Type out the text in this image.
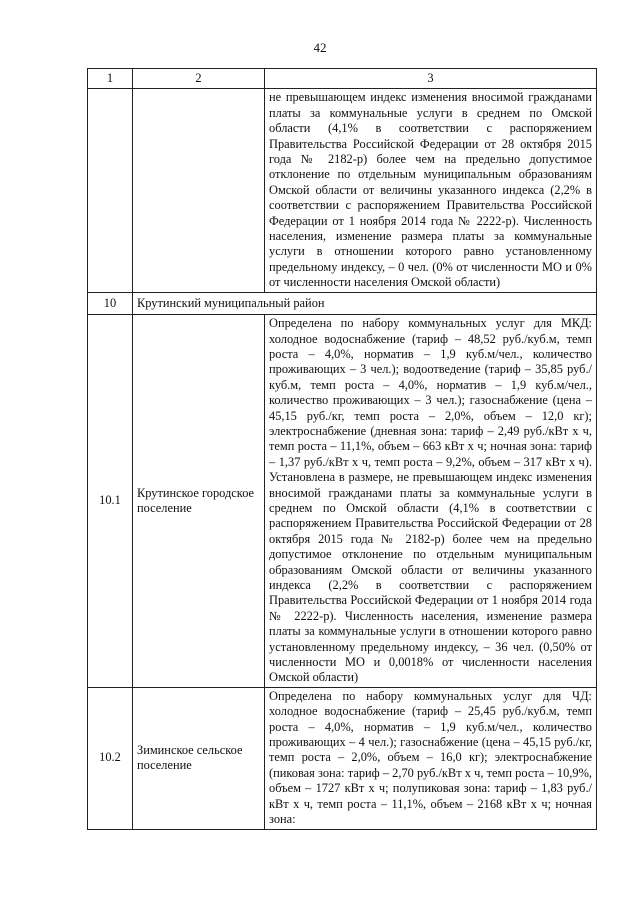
42
1	2	3
		не превышающем индекс изменения вносимой гражданами платы за коммунальные услуги в среднем по Омской области (4,1% в соответствии с распоряжением Правительства Российской Федерации от 28 октября 2015 года № 2182-р) более чем на предельно допустимое отклонение по отдельным муниципальным образованиям Омской области от величины указанного индекса (2,2% в соответствии с распоряжением Правительства Российской Федерации от 1 ноября 2014 года № 2222-р). Численность населения, изменение размера платы за коммунальные услуги в отношении которого равно установленному предельному индексу, – 0 чел. (0% от численности МО и 0% от численности населения Омской области)
10	Крутинский муниципальный район	
10.1	Крутинское городское поселение	Определена по набору коммунальных услуг для МКД: холодное водоснабжение (тариф – 48,52 руб./куб.м, темп роста – 4,0%, норматив – 1,9 куб.м/чел., количество проживающих – 3 чел.); водоотведение (тариф – 35,85 руб./куб.м, темп роста – 4,0%, норматив – 1,9 куб.м/чел., количество проживающих – 3 чел.); газоснабжение (цена – 45,15 руб./кг, темп роста – 2,0%, объем – 12,0 кг); электроснабжение (дневная зона: тариф – 2,49 руб./кВт х ч, темп роста – 11,1%, объем – 663 кВт х ч; ночная зона: тариф – 1,37 руб./кВт х ч, темп роста – 9,2%, объем – 317 кВт х ч). Установлена в размере, не превышающем индекс изменения вносимой гражданами платы за коммунальные услуги в среднем по Омской области (4,1% в соответствии с распоряжением Правительства Российской Федерации от 28 октября 2015 года № 2182-р) более чем на предельно допустимое отклонение по отдельным муниципальным образованиям Омской области от величины указанного индекса (2,2% в соответствии с распоряжением Правительства Российской Федерации от 1 ноября 2014 года № 2222-р). Численность населения, изменение размера платы за коммунальные услуги в отношении которого равно установленному предельному индексу, – 36 чел. (0,50% от численности МО и 0,0018% от численности населения Омской области)
10.2	Зиминское сельское поселение	Определена по набору коммунальных услуг для ЧД: холодное водоснабжение (тариф – 25,45 руб./куб.м, темп роста – 4,0%, норматив – 1,9 куб.м/чел., количество проживающих – 4 чел.); газоснабжение (цена – 45,15 руб./кг, темп роста – 2,0%, объем – 16,0 кг); электроснабжение (пиковая зона: тариф – 2,70 руб./кВт х ч, темп роста – 10,9%, объем – 1727 кВт х ч; полупиковая зона: тариф – 1,83 руб./кВт х ч, темп роста – 11,1%, объем – 2168 кВт х ч; ночная зона:
